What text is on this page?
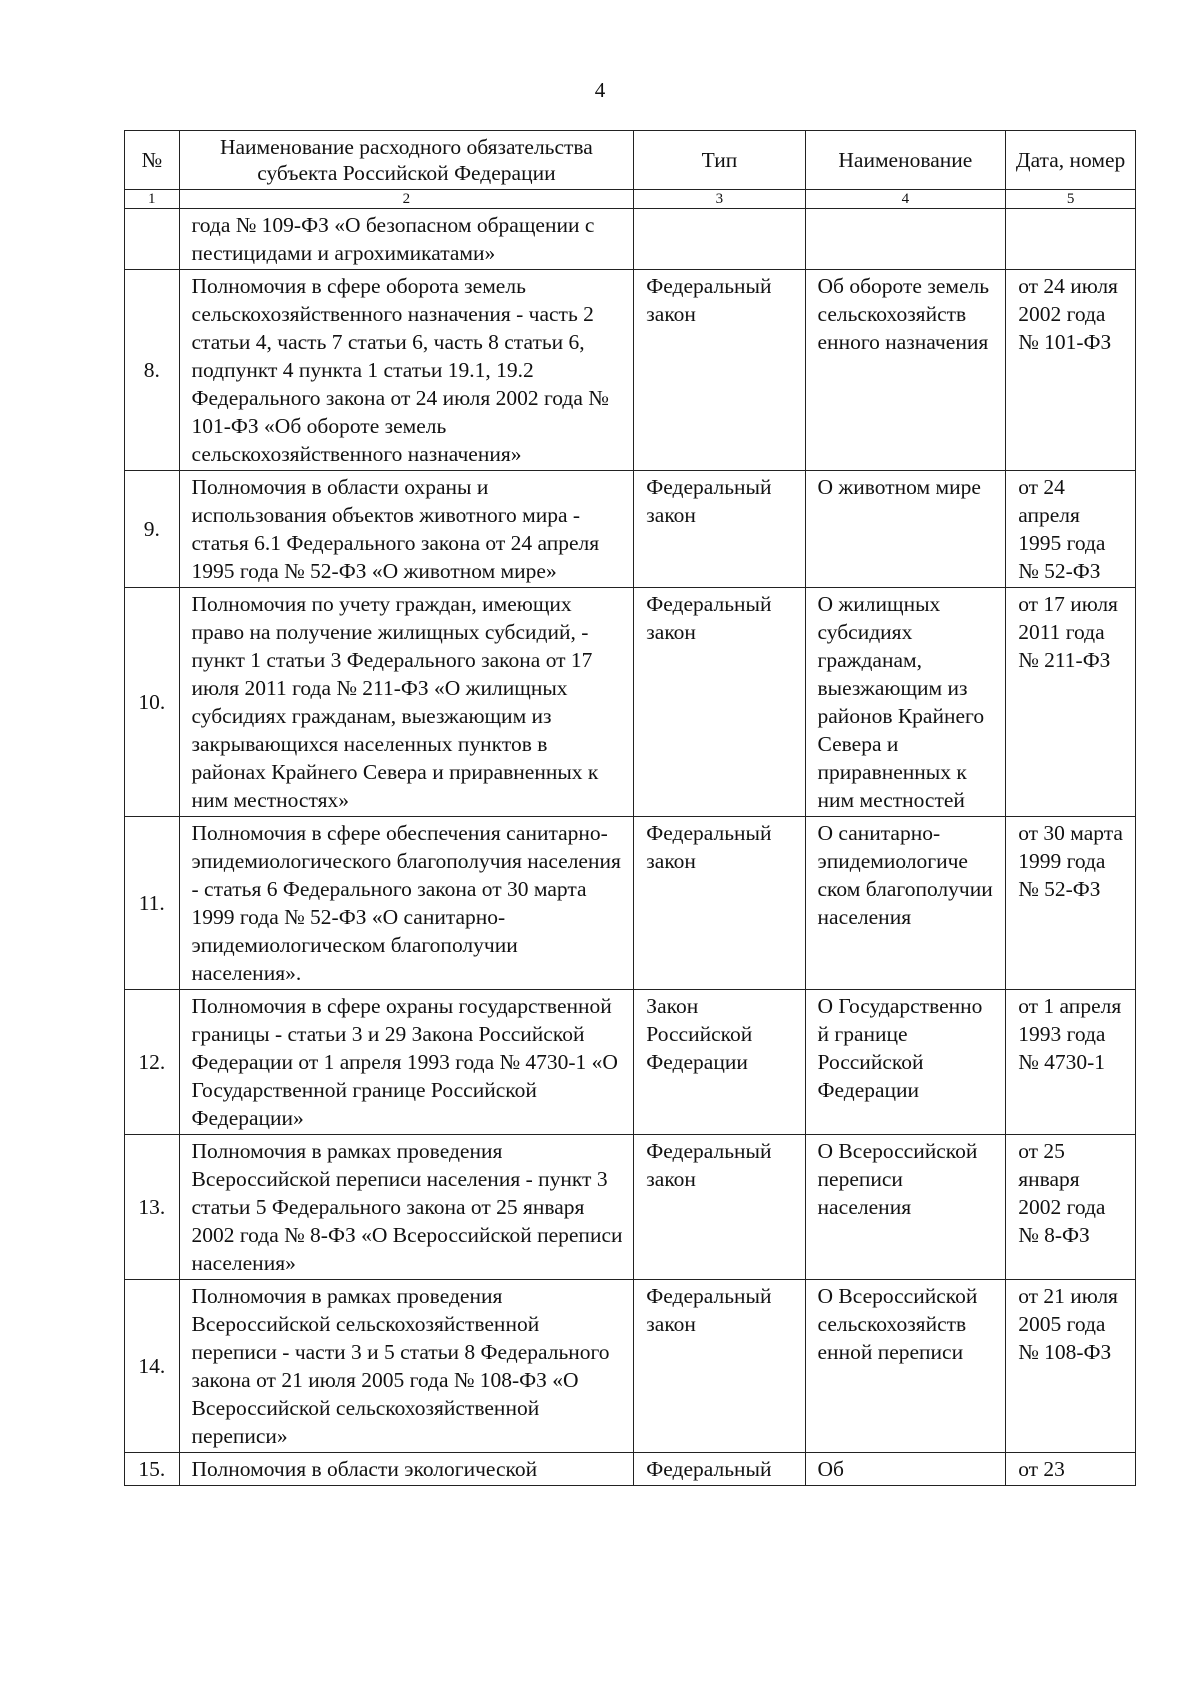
4
№	Наименование расходного обязательства субъекта Российской Федерации	Тип	Наименование	Дата, номер
1	2	3	4	5
	года № 109-ФЗ «О безопасном обращении с пестицидами и агрохимикатами»			
8.	Полномочия в сфере оборота земель сельскохозяйственного назначения - часть 2 статьи 4, часть 7 статьи 6, часть 8 статьи 6, подпункт 4 пункта 1 статьи 19.1, 19.2 Федерального закона от 24 июля 2002 года № 101-ФЗ «Об обороте земель сельскохозяйственного назначения»	Федеральный закон	Об обороте земель сельскохозяйств енного назначения	от 24 июля 2002 года № 101-ФЗ
9.	Полномочия в области охраны и использования объектов животного мира - статья 6.1 Федерального закона от 24 апреля 1995 года № 52-ФЗ «О животном мире»	Федеральный закон	О животном мире	от 24 апреля 1995 года № 52-ФЗ
10.	Полномочия по учету граждан, имеющих право на получение жилищных субсидий, - пункт 1 статьи 3 Федерального закона от 17 июля 2011 года № 211-ФЗ «О жилищных субсидиях гражданам, выезжающим из закрывающихся населенных пунктов в районах Крайнего Севера и приравненных к ним местностях»	Федеральный закон	О жилищных субсидиях гражданам, выезжающим из районов Крайнего Севера и приравненных к ним местностей	от 17 июля 2011 года № 211-ФЗ
11.	Полномочия в сфере обеспечения санитарно-эпидемиологического благополучия населения - статья 6 Федерального закона от 30 марта 1999 года № 52-ФЗ «О санитарно-эпидемиологическом благополучии населения».	Федеральный закон	О санитарно-эпидемиологиче ском благополучии населения	от 30 марта 1999 года № 52-ФЗ
12.	Полномочия в сфере охраны государственной границы - статьи 3 и 29 Закона Российской Федерации от 1 апреля 1993 года № 4730-1 «О Государственной границе Российской Федерации»	Закон Российской Федерации	О Государственно й границе Российской Федерации	от 1 апреля 1993 года № 4730-1
13.	Полномочия в рамках проведения Всероссийской переписи населения - пункт 3 статьи 5 Федерального закона от 25 января 2002 года № 8-ФЗ «О Всероссийской переписи населения»	Федеральный закон	О Всероссийской переписи населения	от 25 января 2002 года № 8-ФЗ
14.	Полномочия в рамках проведения Всероссийской сельскохозяйственной переписи - части 3 и 5 статьи 8 Федерального закона от 21 июля 2005 года № 108-ФЗ «О Всероссийской сельскохозяйственной переписи»	Федеральный закон	О Всероссийской сельскохозяйств енной переписи	от 21 июля 2005 года № 108-ФЗ
15.	Полномочия в области экологической	Федеральный	Об	от 23
